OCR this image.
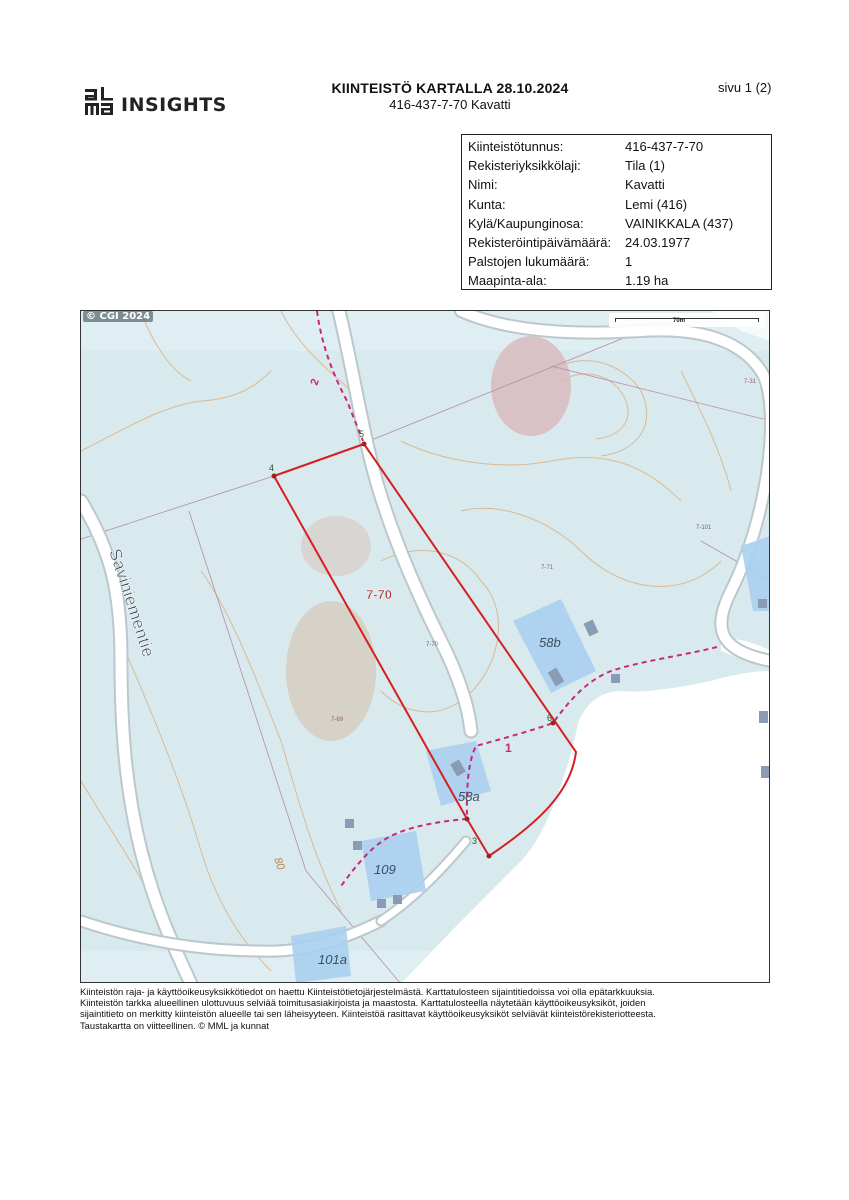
INSIGHTS
KIINTEISTÖ KARTALLA 28.10.2024
416-437-7-70 Kavatti
sivu 1 (2)
Kiinteistötunnus:	416-437-7-70
Rekisteriyksikkölaji:	Tila (1)
Nimi:	Kavatti
Kunta:	Lemi (416)
Kylä/Kaupunginosa:	VAINIKKALA (437)
Rekisteröintipäivämäärä:	24.03.1977
Palstojen lukumäärä:	1
Maapinta-ala:	1.19 ha
4
5
6
3
7-70
1
2
58b
58a
109
101a
7-71
7-101
7-69
7-70
7-31
80
Saviniementie
© CGI 2024	70m
Kiinteistön raja- ja käyttöoikeusyksikkötiedot on haettu Kiinteistötietojärjestelmästä. Karttatulosteen sijaintitiedoissa voi olla epätarkkuuksia.
Kiinteistön tarkka alueellinen ulottuvuus selviää toimitusasiakirjoista ja maastosta. Karttatulosteella näytetään käyttöoikeusyksiköt, joiden
sijaintitieto on merkitty kiinteistön alueelle tai sen läheisyyteen. Kiinteistöä rasittavat käyttöoikeusyksiköt selviävät kiinteistörekisteriotteesta.
Taustakartta on viitteellinen. © MML ja kunnat
